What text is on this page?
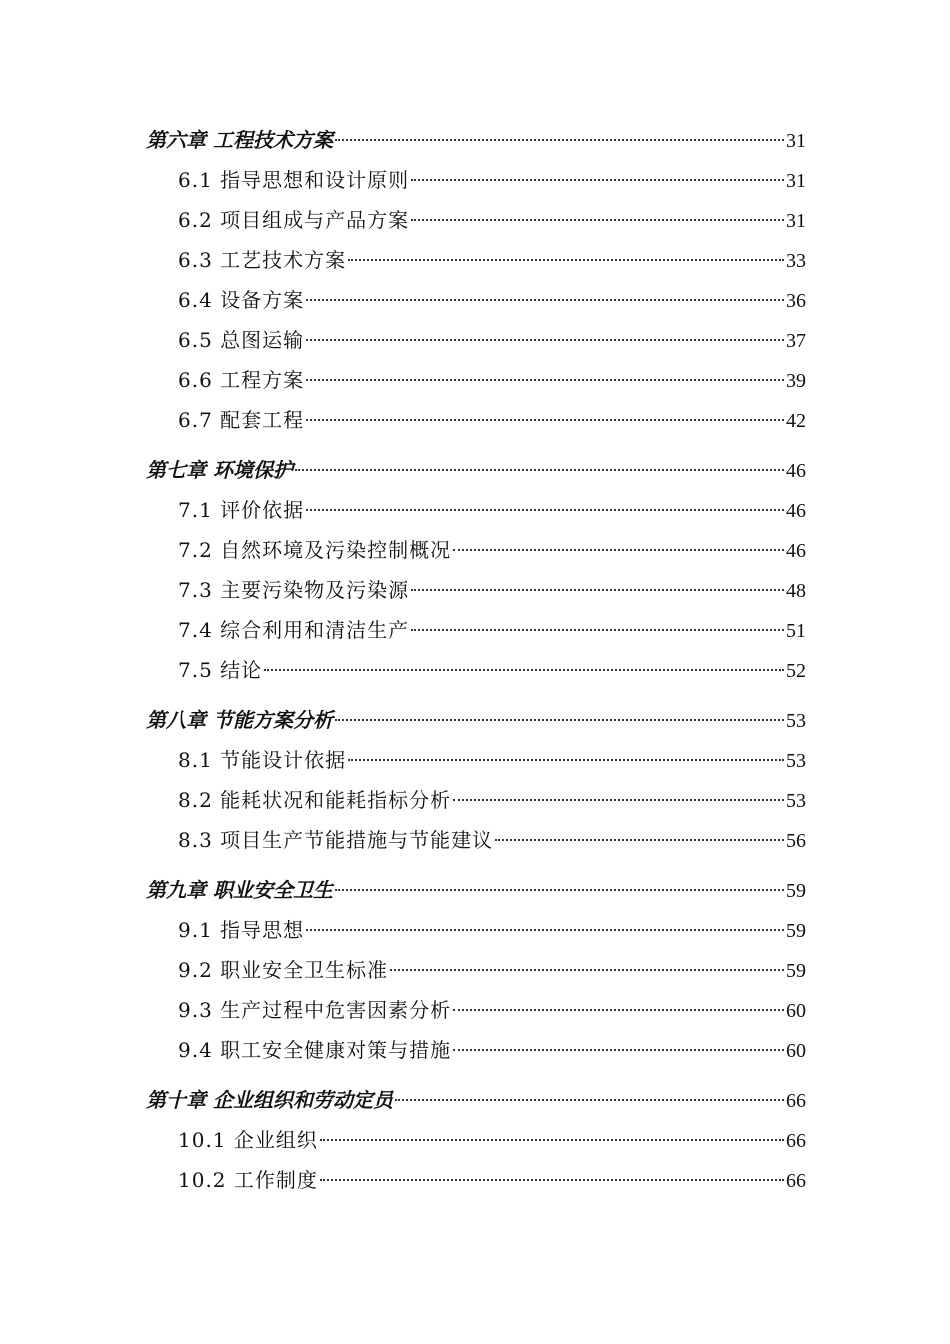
第六章 工程技术方案	31
6.1 指导思想和设计原则	31
6.2 项目组成与产品方案	31
6.3 工艺技术方案	33
6.4 设备方案	36
6.5 总图运输	37
6.6 工程方案	39
6.7 配套工程	42
第七章 环境保护	46
7.1 评价依据	46
7.2 自然环境及污染控制概况	46
7.3 主要污染物及污染源	48
7.4 综合利用和清洁生产	51
7.5 结论	52
第八章 节能方案分析	53
8.1 节能设计依据	53
8.2 能耗状况和能耗指标分析	53
8.3 项目生产节能措施与节能建议	56
第九章 职业安全卫生	59
9.1 指导思想	59
9.2 职业安全卫生标准	59
9.3 生产过程中危害因素分析	60
9.4 职工安全健康对策与措施	60
第十章 企业组织和劳动定员	66
10.1 企业组织	66
10.2 工作制度	66
